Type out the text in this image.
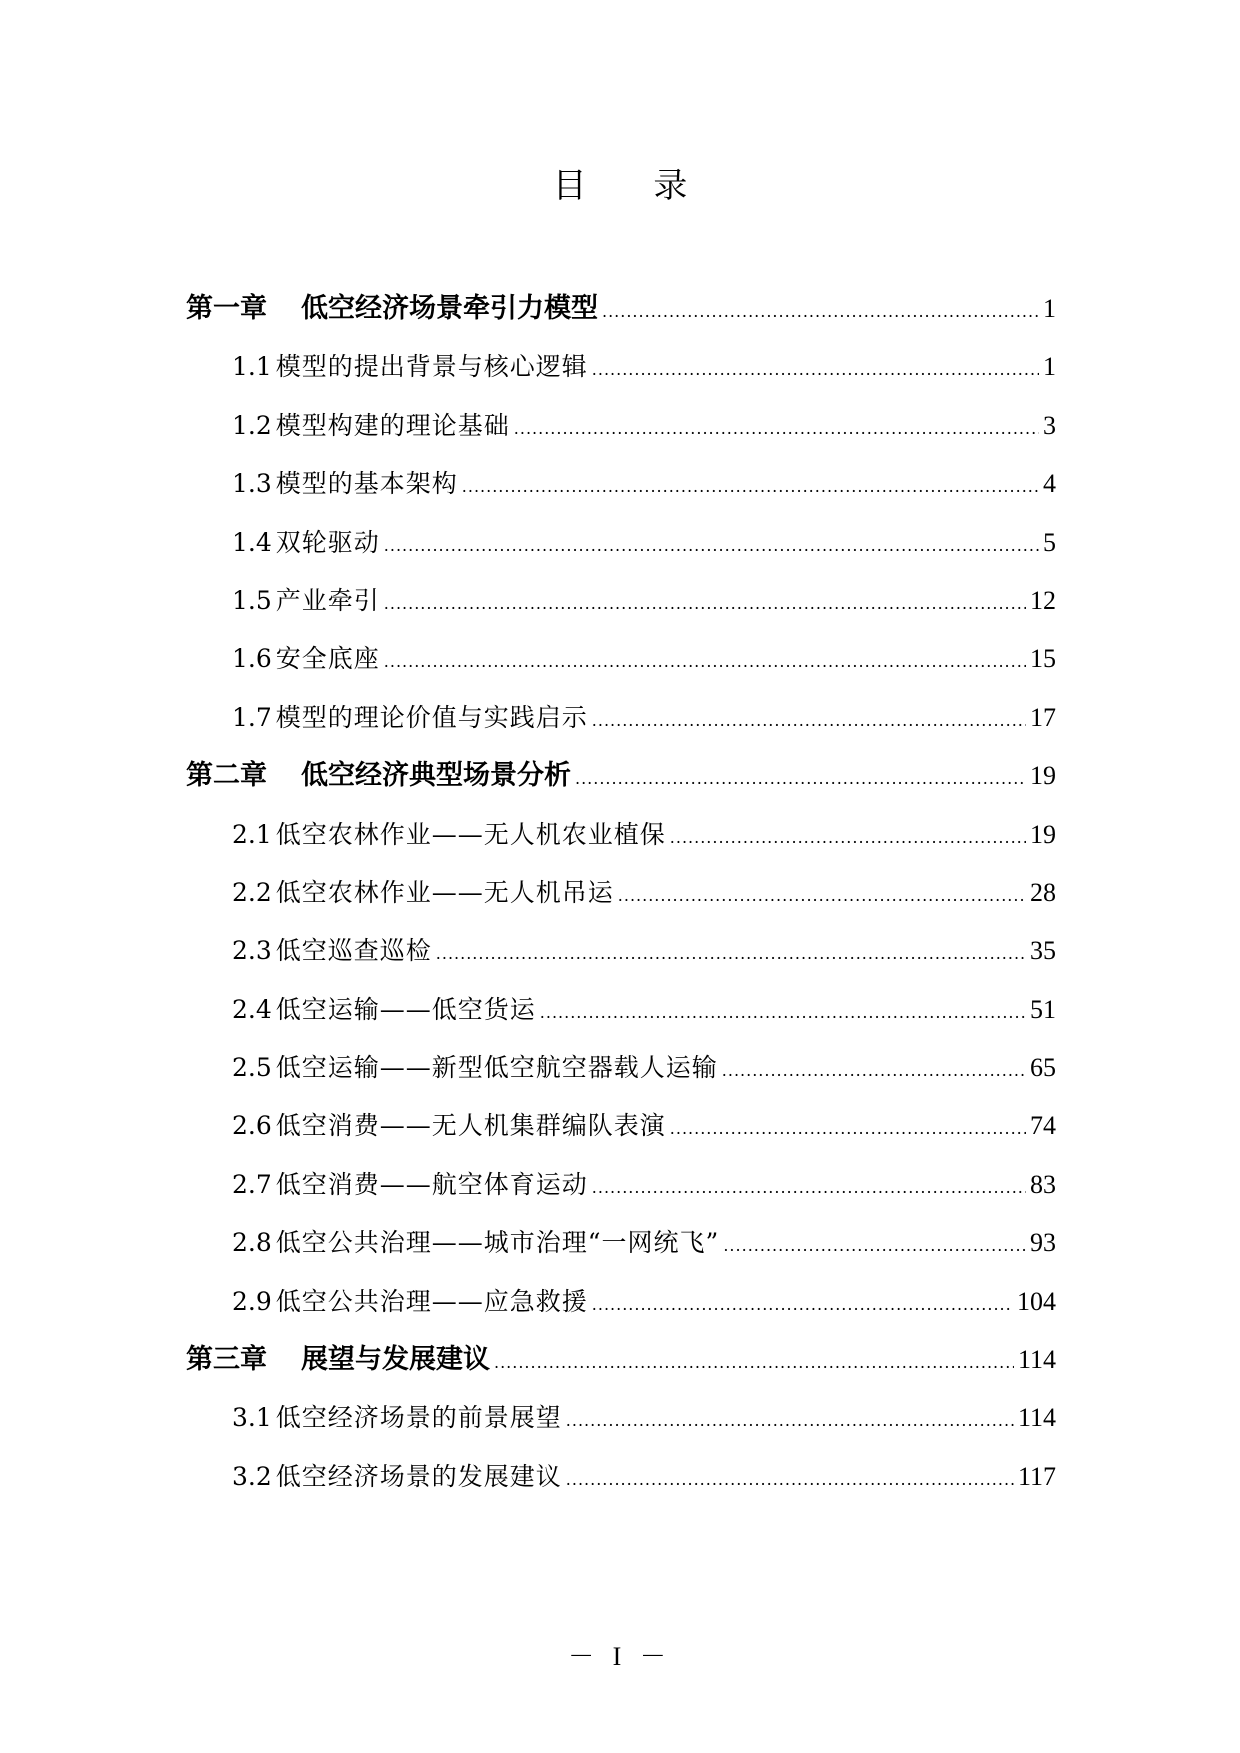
目 录
第一章 低空经济场景牵引力模型 .....	1
1.1 模型的提出背景与核心逻辑 .....	1
1.2 模型构建的理论基础 .....	3
1.3 模型的基本架构 .....	4
1.4 双轮驱动 .....	5
1.5 产业牵引 .....	12
1.6 安全底座 .....	15
1.7 模型的理论价值与实践启示 .....	17
第二章 低空经济典型场景分析 .....	19
2.1 低空农林作业——无人机农业植保 .....	19
2.2 低空农林作业——无人机吊运 .....	28
2.3 低空巡查巡检 .....	35
2.4 低空运输——低空货运 .....	51
2.5 低空运输——新型低空航空器载人运输 .....	65
2.6 低空消费——无人机集群编队表演 .....	74
2.7 低空消费——航空体育运动 .....	83
2.8 低空公共治理——城市治理“一网统飞” .....	93
2.9 低空公共治理——应急救援 .....	104
第三章 展望与发展建议 .....	114
3.1 低空经济场景的前景展望 .....	114
3.2 低空经济场景的发展建议 .....	117
－ I －
